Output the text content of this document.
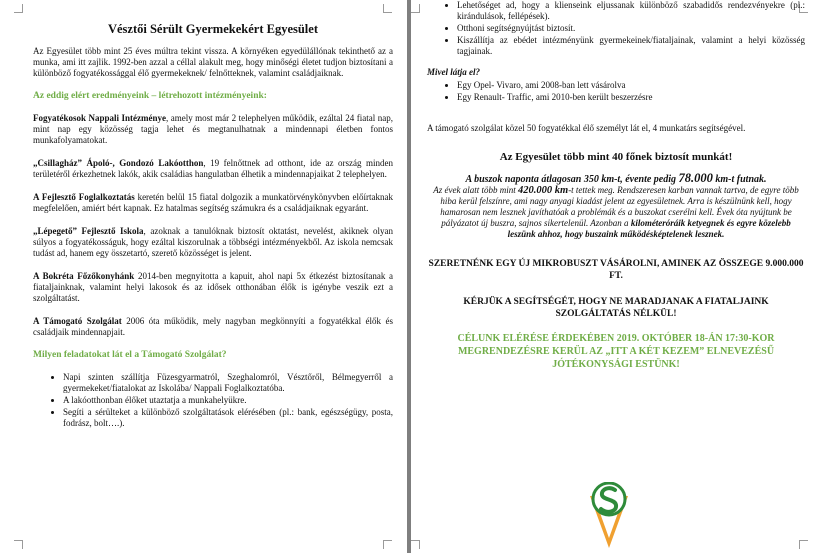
Vésztői Sérült Gyermekekért Egyesület
Az Egyesület több mint 25 éves múltra tekint vissza. A környéken egyedülállónak tekinthető az a munka, ami itt zajlik. 1992-ben azzal a céllal alakult meg, hogy minőségi életet tudjon biztosítani a különböző fogyatékossággal élő gyermekeknek/ felnőtteknek, valamint családjaiknak.
Az eddig elért eredményeink – létrehozott intézményeink:
Fogyatékosok Nappali Intézménye, amely most már 2 telephelyen működik, ezáltal 24 fiatal nap, mint nap egy közösség tagja lehet és megtanulhatnak a mindennapi életben fontos munkafolyamatokat.
„Csillagház” Ápoló-, Gondozó Lakóotthon, 19 felnőttnek ad otthont, ide az ország minden területéről érkezhetnek lakók, akik családias hangulatban élhetik a mindennapjaikat 2 telephelyen.
A Fejlesztő Foglalkoztatás keretén belül 15 fiatal dolgozik a munkatörvénykönyvben előírtaknak megfelelően, amiért bért kapnak. Ez hatalmas segítség számukra és a családjaiknak egyaránt.
„Lépegető” Fejlesztő Iskola, azoknak a tanulóknak biztosít oktatást, nevelést, akiknek olyan súlyos a fogyatékosságuk, hogy ezáltal kiszorulnak a többségi intézményekből. Az iskola nemcsak tudást ad, hanem egy összetartó, szerető közösséget is jelent.
A Bokréta Főzőkonyhánk 2014-ben megnyitotta a kapuit, ahol napi 5x étkezést biztosítanak a fiataljainknak, valamint helyi lakosok és az idősek otthonában élők is igénybe veszik ezt a szolgáltatást.
A Támogató Szolgálat 2006 óta működik, mely nagyban megkönnyíti a fogyatékkal élők és családjaik mindennapjait.
Milyen feladatokat lát el a Támogató Szolgálat?
• Napi szinten szállítja Füzesgyarmatról, Szeghalomról, Vésztőről, Bélmegyerről a gyermekeket/fiatalokat az Iskolába/ Nappali Foglalkoztatóba.
• A lakóotthonban élőket utaztatja a munkahelyükre.
• Segíti a sérülteket a különböző szolgáltatások elérésében (pl.: bank, egészségügy, posta, fodrász, bolt….).
• Lehetőséget ad, hogy a klienseink eljussanak különböző szabadidős rendezvényekre (pl.: kirándulások, fellépések).
• Otthoni segítségnyújtást biztosít.
• Kiszállítja az ebédet intézményünk gyermekeinek/fiataljainak, valamint a helyi közösség tagjainak.
Mivel látja el?
• Egy Opel- Vivaro, ami 2008-ban lett vásárolva
• Egy Renault- Traffic, ami 2010-ben került beszerzésre
A támogató szolgálat közel 50 fogyatékkal élő személyt lát el, 4 munkatárs segítségével.
Az Egyesület több mint 40 főnek biztosít munkát!
A buszok naponta átlagosan 350 km-t, évente pedig 78.000 km-t futnak.
Az évek alatt több mint 420.000 km-t tettek meg. Rendszeresen karban vannak tartva, de egyre több hiba kerül felszínre, ami nagy anyagi kiadást jelent az egyesületnek. Arra is készülnünk kell, hogy hamarosan nem lesznek javíthatóak a problémák és a buszokat cserélni kell. Évek óta nyújtunk be pályázatot új buszra, sajnos sikertelenül. Azonban a kilométeróráik ketyegnek és egyre közelebb leszünk ahhoz, hogy buszaink működésképtelenek lesznek.
SZERETNÉNK EGY ÚJ MIKROBUSZT VÁSÁROLNI, AMINEK AZ ÖSSZEGE 9.000.000 FT.
KÉRJÜK A SEGÍTSÉGÉT, HOGY NE MARADJANAK A FIATALJAINK SZOLGÁLTATÁS NÉLKÜL!
CÉLUNK ELÉRÉSE ÉRDEKÉBEN 2019. OKTÓBER 18-ÁN 17:30-KOR MEGRENDEZÉSRE KERÜL AZ „ITT A KÉT KEZEM” ELNEVEZÉSŰ JÓTÉKONYSÁGI ESTÜNK!
